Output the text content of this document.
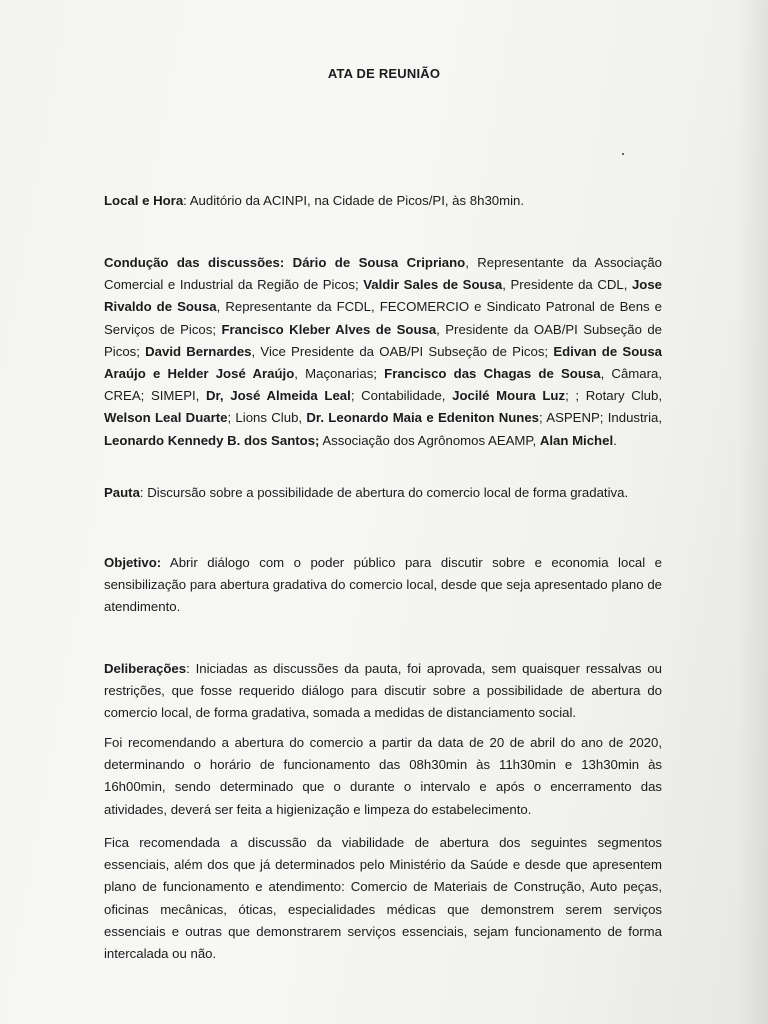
ATA DE REUNIÃO
Local e Hora: Auditório da ACINPI, na Cidade de Picos/PI, às 8h30min.
Condução das discussões: Dário de Sousa Cripriano, Representante da Associação Comercial e Industrial da Região de Picos; Valdir Sales de Sousa, Presidente da CDL, Jose Rivaldo de Sousa, Representante da FCDL, FECOMERCIO e Sindicato Patronal de Bens e Serviços de Picos; Francisco Kleber Alves de Sousa, Presidente da OAB/PI Subseção de Picos; David Bernardes, Vice Presidente da OAB/PI Subseção de Picos; Edivan de Sousa Araújo e Helder José Araújo, Maçonarias; Francisco das Chagas de Sousa, Câmara, CREA; SIMEPI, Dr, José Almeida Leal; Contabilidade, Jocilé Moura Luz; ; Rotary Club, Welson Leal Duarte; Lions Club, Dr. Leonardo Maia e Edeniton Nunes; ASPENP; Industria, Leonardo Kennedy B. dos Santos; Associação dos Agrônomos AEAMP, Alan Michel.
Pauta: Discursão sobre a possibilidade de abertura do comercio local de forma gradativa.
Objetivo: Abrir diálogo com o poder público para discutir sobre e economia local e sensibilização para abertura gradativa do comercio local, desde que seja apresentado plano de atendimento.
Deliberações: Iniciadas as discussões da pauta, foi aprovada, sem quaisquer ressalvas ou restrições, que fosse requerido diálogo para discutir sobre a possibilidade de abertura do comercio local, de forma gradativa, somada a medidas de distanciamento social.
Foi recomendando a abertura do comercio a partir da data de 20 de abril do ano de 2020, determinando o horário de funcionamento das 08h30min às 11h30min e 13h30min às 16h00min, sendo determinado que o durante o intervalo e após o encerramento das atividades, deverá ser feita a higienização e limpeza do estabelecimento.
Fica recomendada a discussão da viabilidade de abertura dos seguintes segmentos essenciais, além dos que já determinados pelo Ministério da Saúde e desde que apresentem plano de funcionamento e atendimento: Comercio de Materiais de Construção, Auto peças, oficinas mecânicas, óticas, especialidades médicas que demonstrem serem serviços essenciais e outras que demonstrarem serviços essenciais, sejam funcionamento de forma intercalada ou não.
